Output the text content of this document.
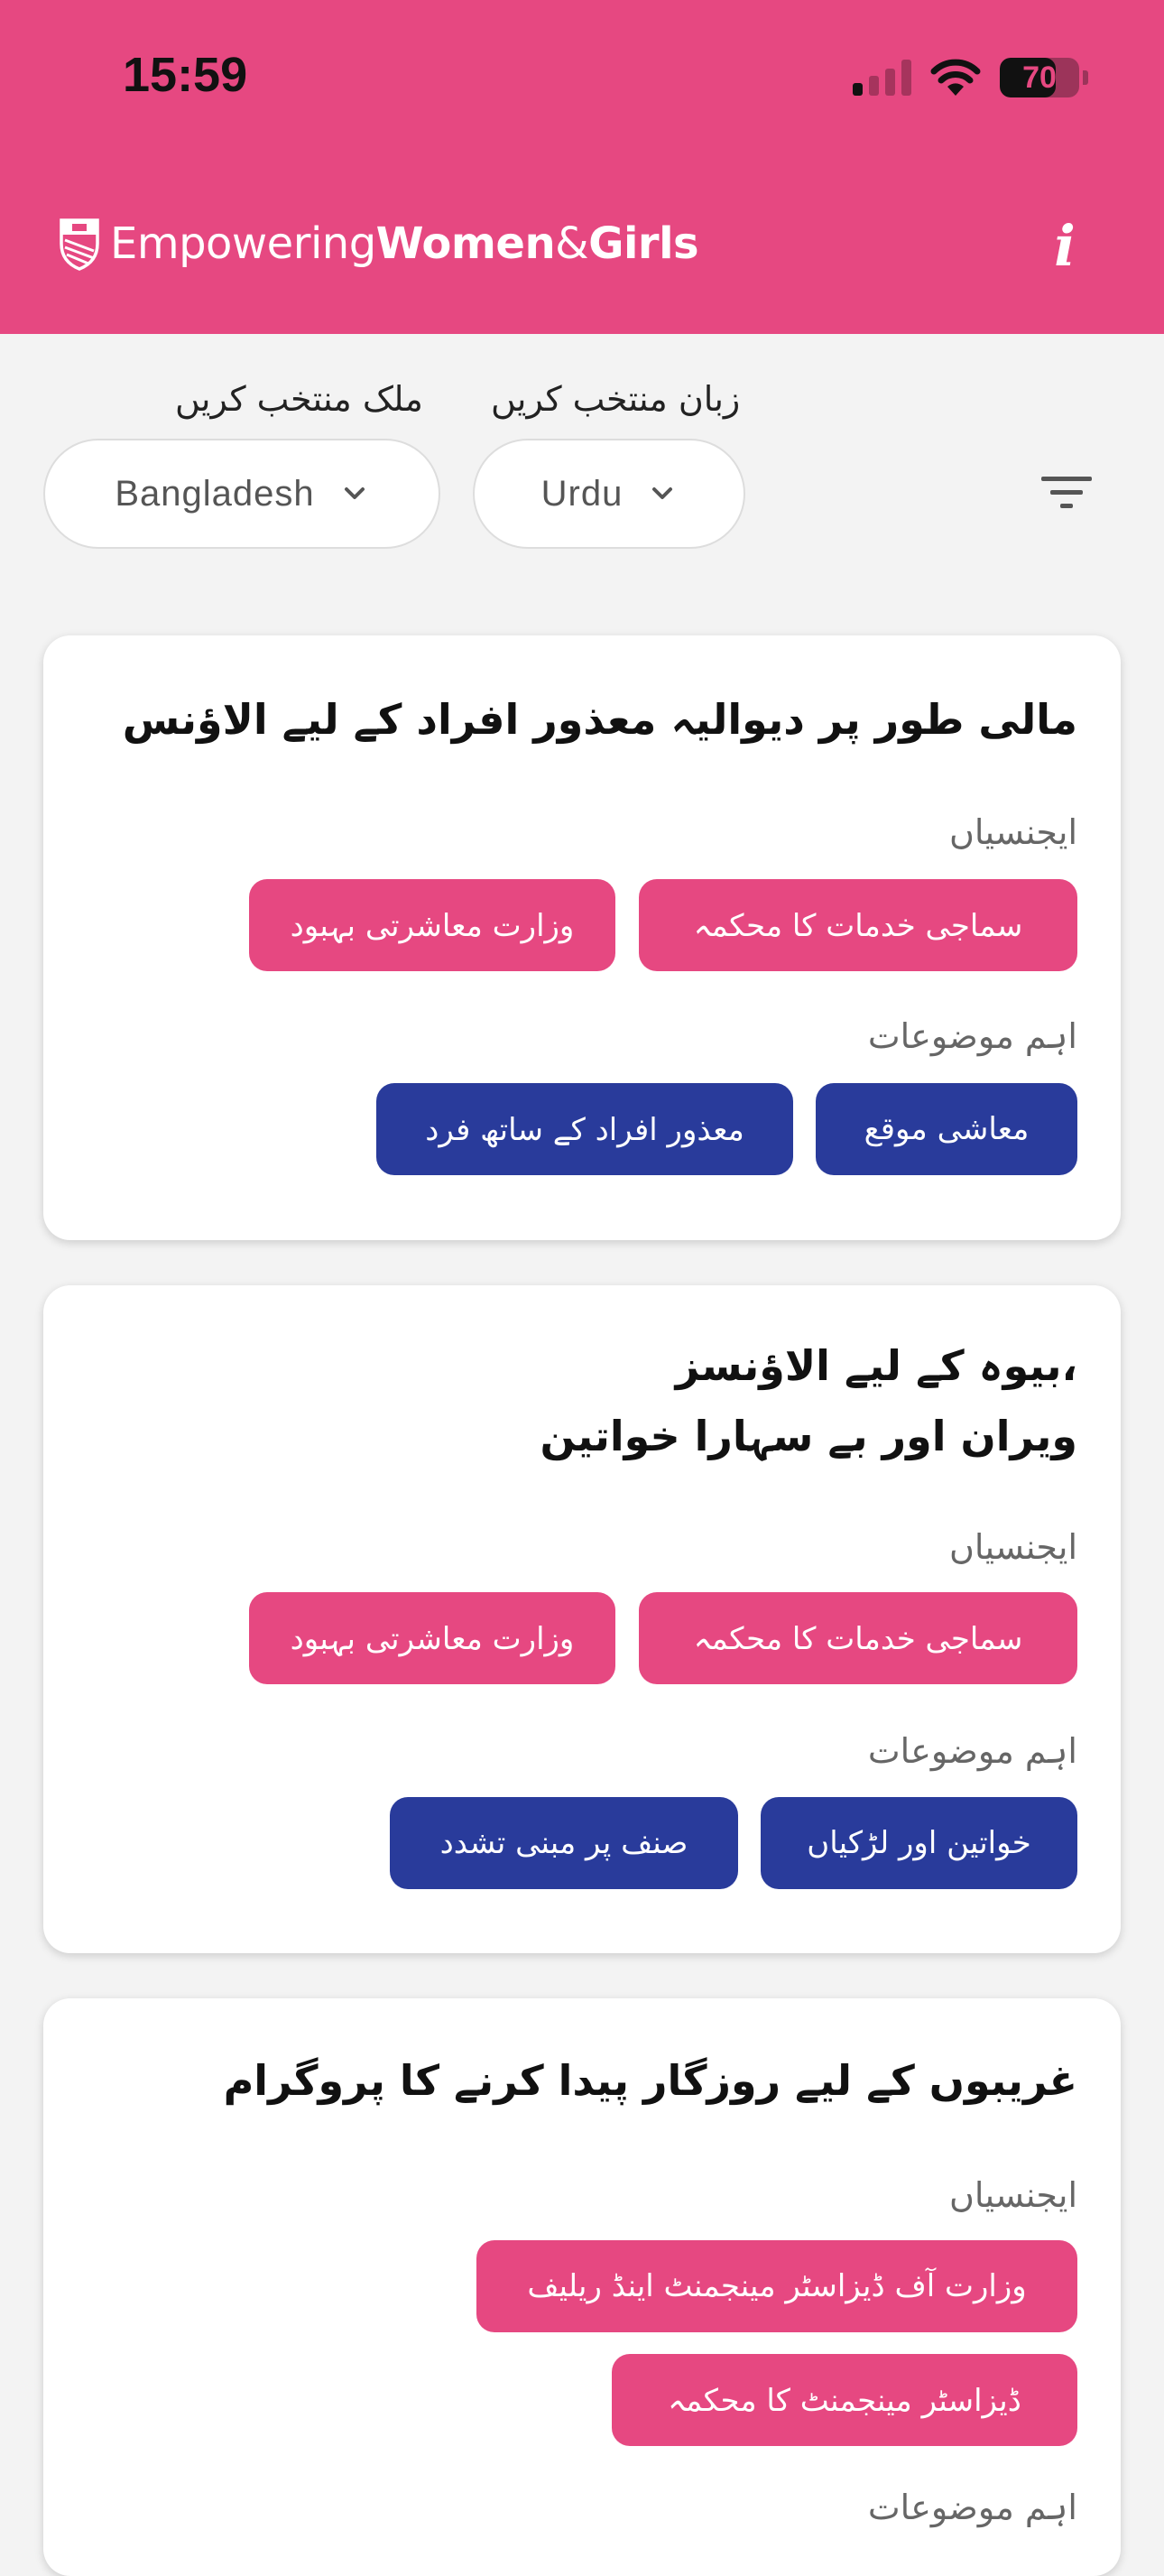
15:59	70
EmpoweringWomen&Girls	i
ملک منتخب کریں زبان منتخب کریں
Bangladesh	Urdu
مالی طور پر دیوالیہ معذور افراد کے لیے الاؤنس
ایجنسیاں
سماجی خدمات کا محکمہ
وزارت معاشرتی بہبود
اہم موضوعات
معاشی موقع
معذور افراد کے ساتھ فرد
،بیوہ کے لیے الاؤنسز
ویران اور بے سہارا خواتین
ایجنسیاں
سماجی خدمات کا محکمہ
وزارت معاشرتی بہبود
اہم موضوعات
خواتین اور لڑکیاں
صنف پر مبنی تشدد
غریبوں کے لیے روزگار پیدا کرنے کا پروگرام
ایجنسیاں
وزارت آف ڈیزاسٹر مینجمنٹ اینڈ ریلیف
ڈیزاسٹر مینجمنٹ کا محکمہ
اہم موضوعات
